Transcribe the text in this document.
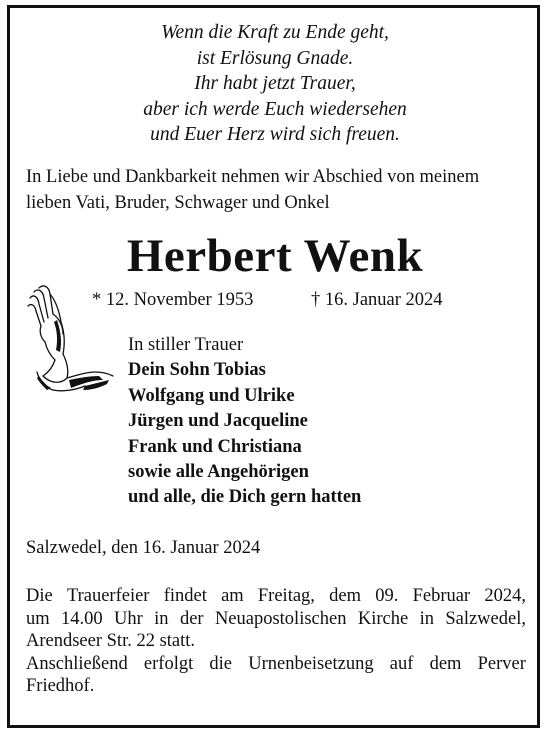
Wenn die Kraft zu Ende geht,
ist Erlösung Gnade.
Ihr habt jetzt Trauer,
aber ich werde Euch wiedersehen
und Euer Herz wird sich freuen.
In Liebe und Dankbarkeit nehmen wir Abschied von meinem
lieben Vati, Bruder, Schwager und Onkel
Herbert Wenk
* 12. November 1953	† 16. Januar 2024
In stiller Trauer
Dein Sohn Tobias
Wolfgang und Ulrike
Jürgen und Jacqueline
Frank und Christiana
sowie alle Angehörigen
und alle, die Dich gern hatten
Salzwedel, den 16. Januar 2024
Die Trauerfeier findet am Freitag, dem 09. Februar 2024,
um 14.00 Uhr in der Neuapostolischen Kirche in Salzwedel,
Arendseer Str. 22 statt.
Anschließend erfolgt die Urnenbeisetzung auf dem Perver
Friedhof.
